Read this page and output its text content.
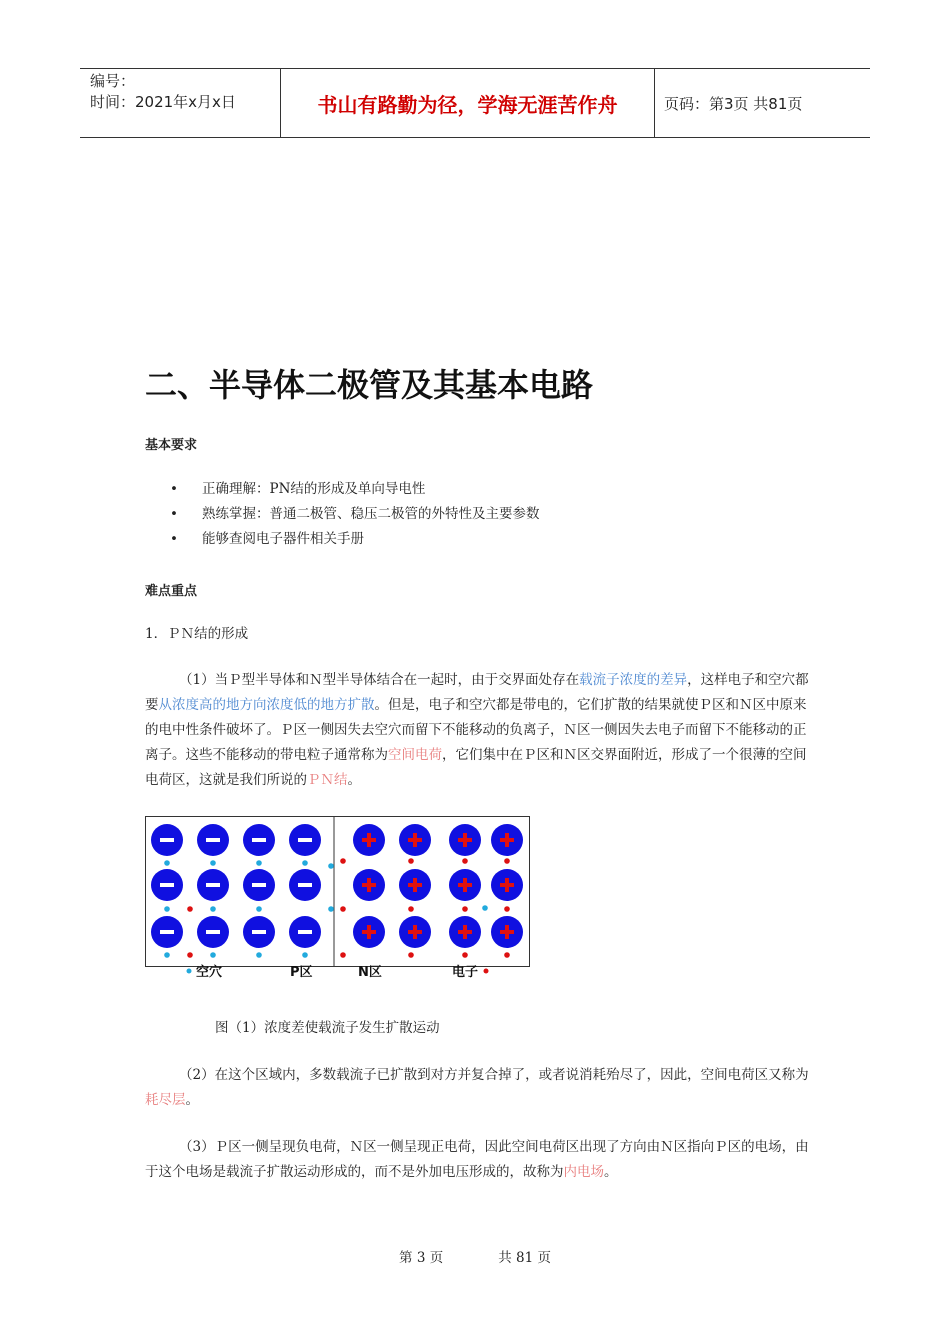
编号：
时间：2021年x月x日	书山有路勤为径，学海无涯苦作舟	页码：第3页 共81页
二、半导体二极管及其基本电路
基本要求
• 正确理解：PN结的形成及单向导电性
• 熟练掌握：普通二极管、稳压二极管的外特性及主要参数
• 能够查阅电子器件相关手册
难点重点
1．ＰＮ结的形成
（1）当Ｐ型半导体和Ｎ型半导体结合在一起时，由于交界面处存在载流子浓度的差异，这样电子和空穴都要从浓度高的地方向浓度低的地方扩散。但是，电子和空穴都是带电的，它们扩散的结果就使Ｐ区和Ｎ区中原来的电中性条件破坏了。Ｐ区一侧因失去空穴而留下不能移动的负离子，Ｎ区一侧因失去电子而留下不能移动的正离子。这些不能移动的带电粒子通常称为空间电荷，它们集中在Ｐ区和Ｎ区交界面附近，形成了一个很薄的空间电荷区，这就是我们所说的ＰＮ结。
空穴	P区	N区	电子
图（1）浓度差使载流子发生扩散运动
（2）在这个区域内，多数载流子已扩散到对方并复合掉了，或者说消耗殆尽了，因此，空间电荷区又称为耗尽层。
（3）Ｐ区一侧呈现负电荷，Ｎ区一侧呈现正电荷，因此空间电荷区出现了方向由Ｎ区指向Ｐ区的电场，由于这个电场是载流子扩散运动形成的，而不是外加电压形成的，故称为内电场。
第 3 页	共 81 页
